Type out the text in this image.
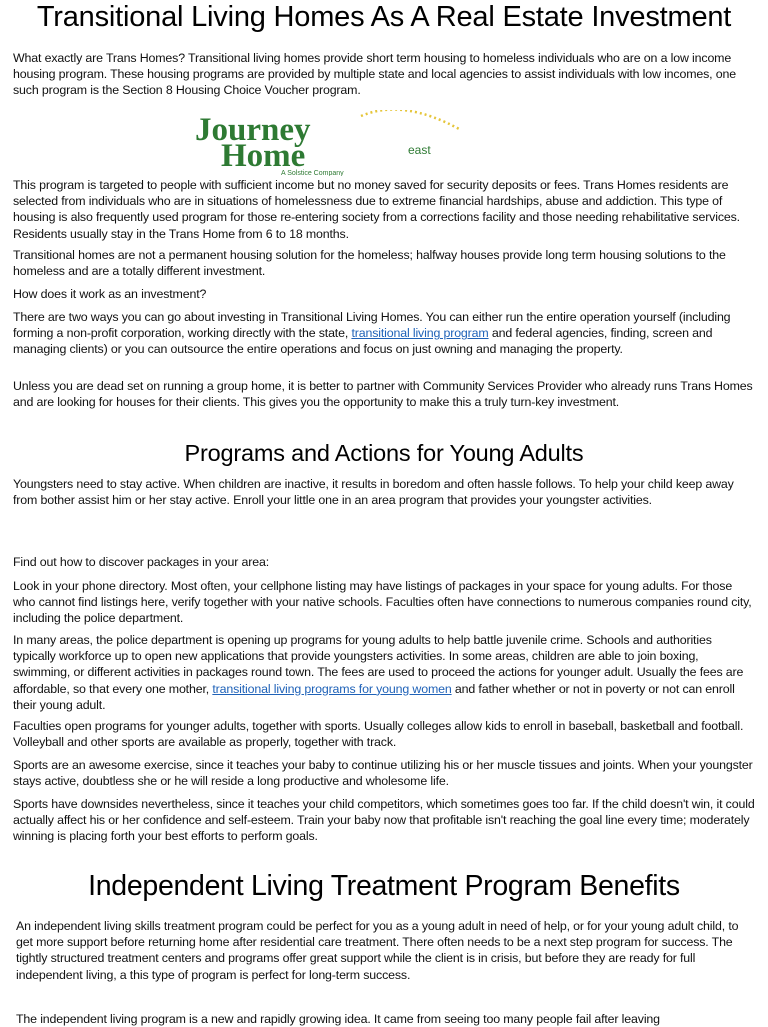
Transitional Living Homes As A Real Estate Investment

What exactly are Trans Homes? Transitional living homes provide short term housing to homeless individuals who are on a low income housing program. These housing programs are provided by multiple state and local agencies to assist individuals with low incomes, one such program is the Section 8 Housing Choice Voucher program.

Journey
Home	east
A Solstice Company

This program is targeted to people with sufficient income but no money saved for security deposits or fees. Trans Homes residents are selected from individuals who are in situations of homelessness due to extreme financial hardships, abuse and addiction. This type of housing is also frequently used program for those re-entering society from a corrections facility and those needing rehabilitative services. Residents usually stay in the Trans Home from 6 to 18 months.

Transitional homes are not a permanent housing solution for the homeless; halfway houses provide long term housing solutions to the homeless and are a totally different investment.

How does it work as an investment?

There are two ways you can go about investing in Transitional Living Homes. You can either run the entire operation yourself (including forming a non-profit corporation, working directly with the state, transitional living program and federal agencies, finding, screen and managing clients) or you can outsource the entire operations and focus on just owning and managing the property.

Unless you are dead set on running a group home, it is better to partner with Community Services Provider who already runs Trans Homes and are looking for houses for their clients. This gives you the opportunity to make this a truly turn-key investment.

Programs and Actions for Young Adults

Youngsters need to stay active. When children are inactive, it results in boredom and often hassle follows. To help your child keep away from bother assist him or her stay active. Enroll your little one in an area program that provides your youngster activities.

Find out how to discover packages in your area:

Look in your phone directory. Most often, your cellphone listing may have listings of packages in your space for young adults. For those who cannot find listings here, verify together with your native schools. Faculties often have connections to numerous companies round city, including the police department.

In many areas, the police department is opening up programs for young adults to help battle juvenile crime. Schools and authorities typically workforce up to open new applications that provide youngsters activities. In some areas, children are able to join boxing, swimming, or different activities in packages round town. The fees are used to proceed the actions for younger adult. Usually the fees are affordable, so that every one mother, transitional living programs for young women and father whether or not in poverty or not can enroll their young adult.

Faculties open programs for younger adults, together with sports. Usually colleges allow kids to enroll in baseball, basketball and football. Volleyball and other sports are available as properly, together with track.

Sports are an awesome exercise, since it teaches your baby to continue utilizing his or her muscle tissues and joints. When your youngster stays active, doubtless she or he will reside a long productive and wholesome life.

Sports have downsides nevertheless, since it teaches your child competitors, which sometimes goes too far. If the child doesn't win, it could actually affect his or her confidence and self-esteem. Train your baby now that profitable isn't reaching the goal line every time; moderately winning is placing forth your best efforts to perform goals.

Independent Living Treatment Program Benefits

An independent living skills treatment program could be perfect for you as a young adult in need of help, or for your young adult child, to get more support before returning home after residential care treatment. There often needs to be a next step program for success. The tightly structured treatment centers and programs offer great support while the client is in crisis, but before they are ready for full independent living, a this type of program is perfect for long-term success.

The independent living program is a new and rapidly growing idea. It came from seeing too many people fail after leaving
